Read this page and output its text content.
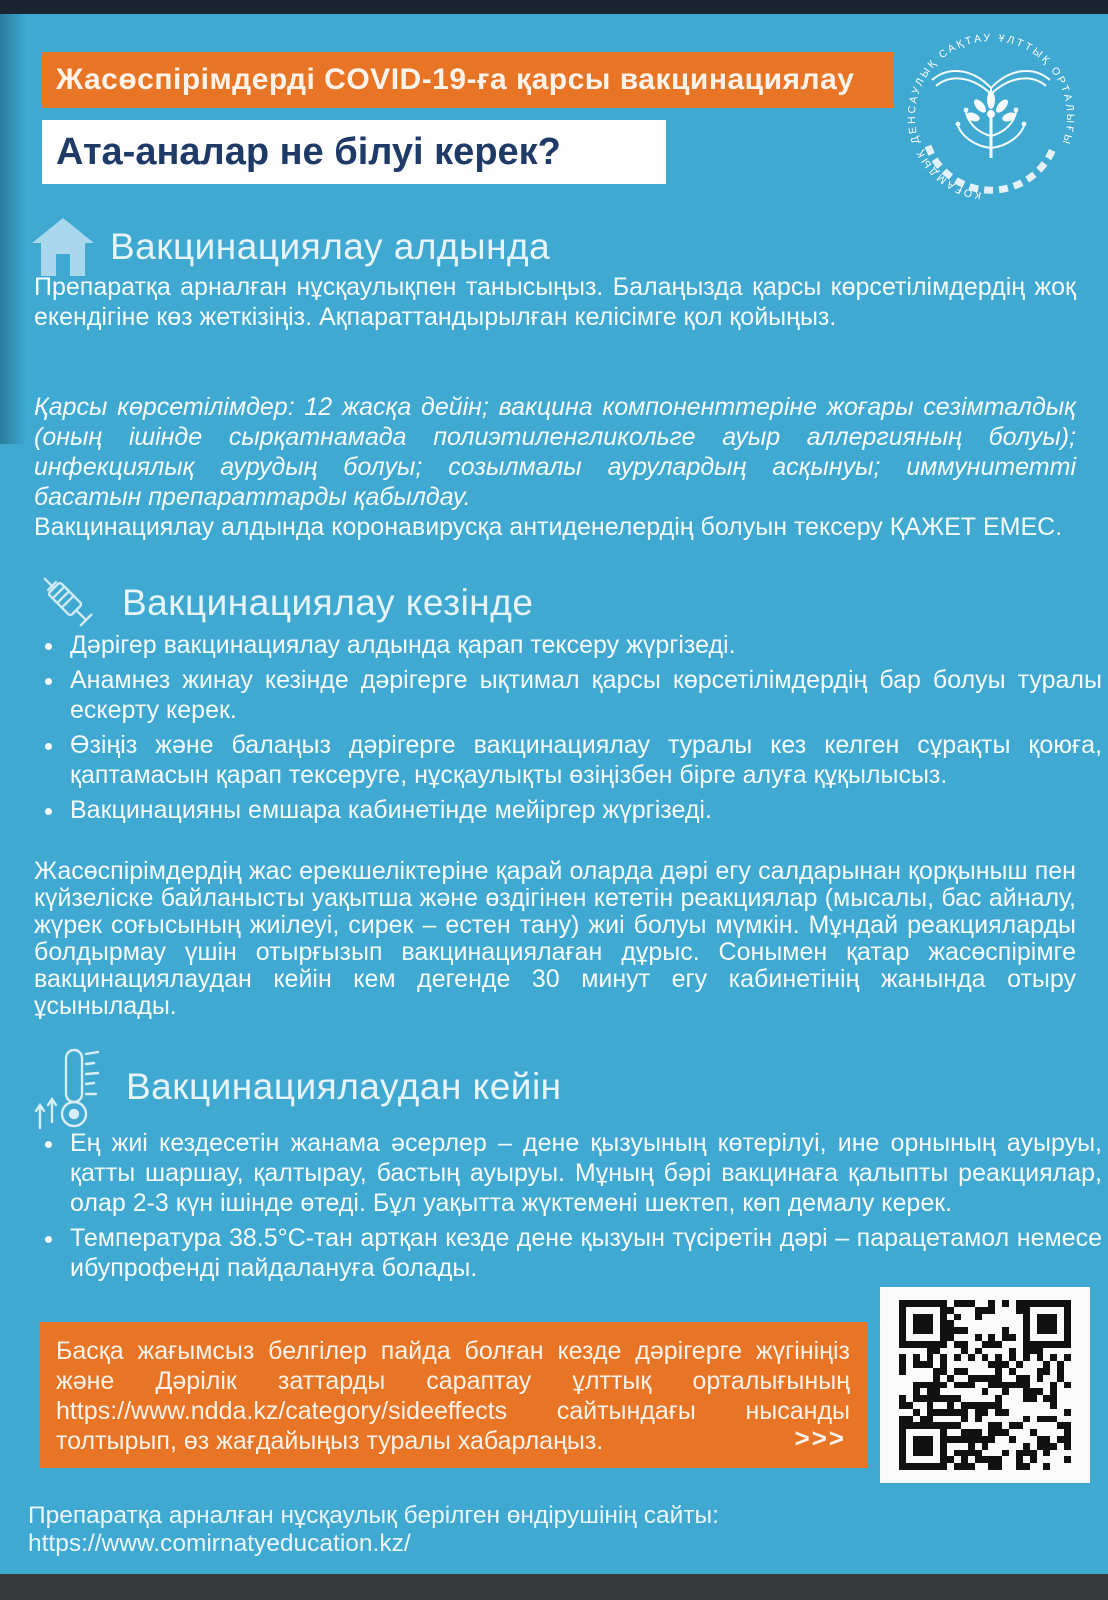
Жасөспірімдерді COVID-19-ға қарсы вакцинациялау
Ата-аналар не білуі керек?
ҚОҒАМДЫҚ ДЕНСАУЛЫҚ САҚТАУ ҰЛТТЫҚ ОРТАЛЫҒЫ
Вакцинациялау алдында

Препаратқа арналған нұсқаулықпен танысыңыз. Балаңызда қарсы көрсетілімдердің жоқ екендігіне көз жеткізіңіз. Ақпараттандырылған келісімге қол қойыңыз.

Қарсы көрсетілімдер: 12 жасқа дейін; вакцина компоненттеріне жоғары сезімталдық (оның ішінде сырқатнамада полиэтиленгликольге ауыр аллергияның болуы); инфекциялық аурудың болуы; созылмалы аурулардың асқынуы; иммунитетті басатын препараттарды қабылдау.

Вакцинациялау алдында коронавирусқа антиденелердің болуын тексеру ҚАЖЕТ ЕМЕС.

Вакцинациялау кезінде
• Дәрігер вакцинациялау алдында қарап тексеру жүргізеді.
• Анамнез жинау кезінде дәрігерге ықтимал қарсы көрсетілімдердің бар болуы туралы ескерту керек.
• Өзіңіз және балаңыз дәрігерге вакцинациялау туралы кез келген сұрақты қоюға, қаптамасын қарап тексеруге, нұсқаулықты өзіңізбен бірге алуға құқылысыз.
• Вакцинацияны емшара кабинетінде мейіргер жүргізеді.

Жасөспірімдердің жас ерекшеліктеріне қарай оларда дәрі егу салдарынан қорқыныш пен күйзеліске байланысты уақытша және өздігінен кететін реакциялар (мысалы, бас айналу, жүрек соғысының жиілеуі, сирек – естен тану) жиі болуы мүмкін. Мұндай реакцияларды болдырмау үшін отырғызып вакцинациялаған дұрыс. Сонымен қатар жасөспірімге вакцинациялаудан кейін кем дегенде 30 минут егу кабинетінің жанында отыру ұсынылады.

Вакцинациялаудан кейін
• Ең жиі кездесетін жанама әсерлер – дене қызуының көтерілуі, ине орнының ауыруы, қатты шаршау, қалтырау, бастың ауыруы. Мұның бәрі вакцинаға қалыпты реакциялар, олар 2-3 күн ішінде өтеді. Бұл уақытта жүктемені шектеп, көп демалу керек.
• Температура 38.5°С-тан артқан кезде дене қызуын түсіретін дәрі – парацетамол немесе ибупрофенді пайдалануға болады.

Басқа жағымсыз белгілер пайда болған кезде дәрігерге жүгініңіз және Дәрілік заттарды сараптау ұлттық орталығының https://www.ndda.kz/category/sideeffects сайтындағы нысанды толтырып, өз жағдайыңыз туралы хабарлаңыз.	>>>

Препаратқа арналған нұсқаулық берілген өндірушінің сайты: https://www.comirnatyeducation.kz/
